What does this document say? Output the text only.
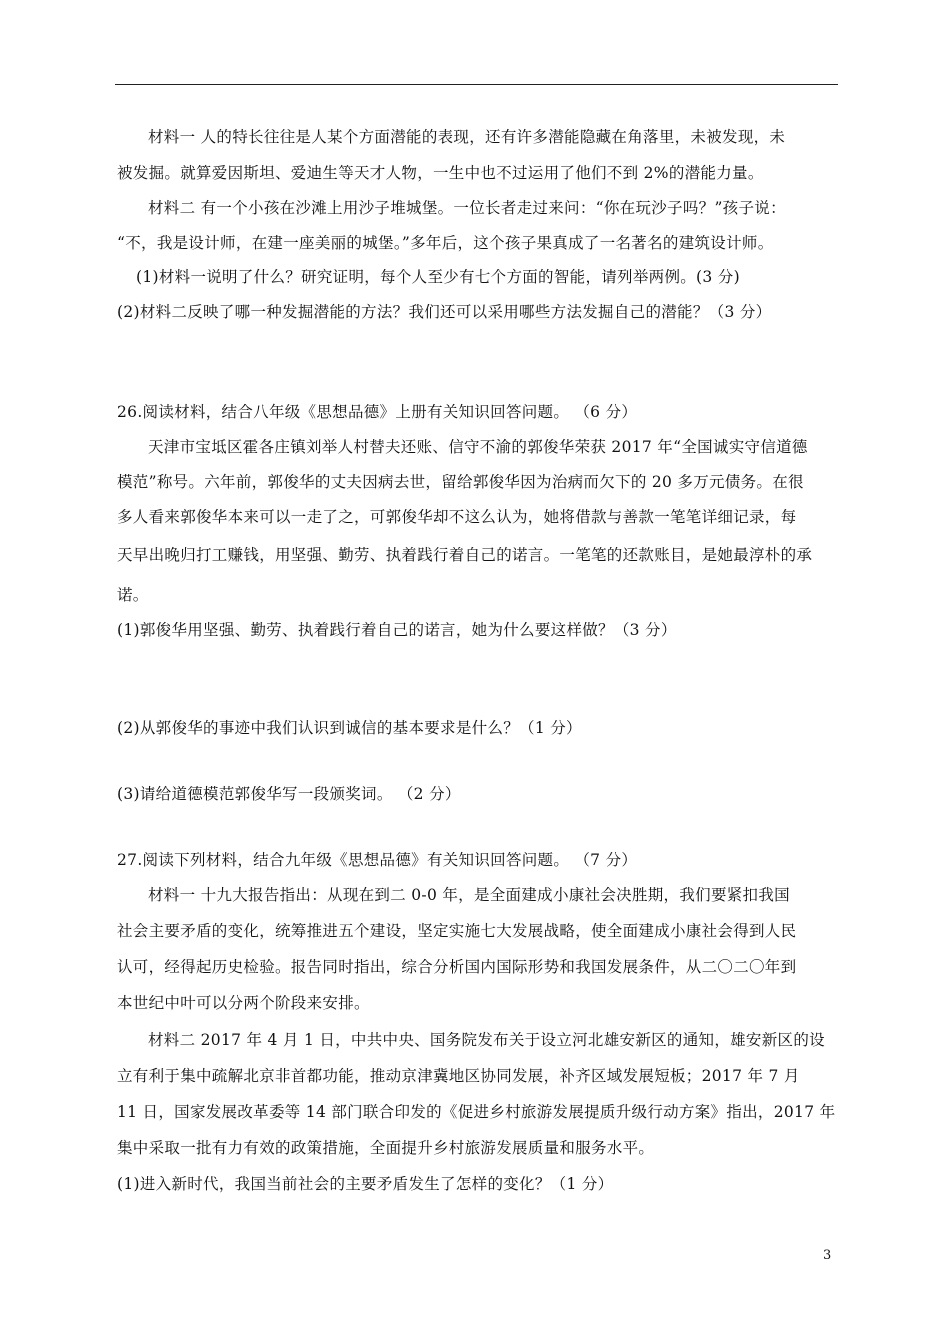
材料一 人的特长往往是人某个方面潜能的表现，还有许多潜能隐藏在角落里，未被发现，未
被发掘。就算爱因斯坦、爱迪生等天才人物，一生中也不过运用了他们不到 2%的潜能力量。
材料二 有一个小孩在沙滩上用沙子堆城堡。一位长者走过来问：“你在玩沙子吗？”孩子说：
“不，我是设计师，在建一座美丽的城堡。”多年后，这个孩子果真成了一名著名的建筑设计师。
(1)材料一说明了什么？研究证明，每个人至少有七个方面的智能，请列举两例。(3 分)
(2)材料二反映了哪一种发掘潜能的方法？我们还可以采用哪些方法发掘自己的潜能？（3 分）
26.阅读材料，结合八年级《思想品德》上册有关知识回答问题。 （6 分）
天津市宝坻区霍各庄镇刘举人村替夫还账、信守不渝的郭俊华荣获 2017 年“全国诚实守信道德
模范”称号。六年前，郭俊华的丈夫因病去世，留给郭俊华因为治病而欠下的 20 多万元债务。在很
多人看来郭俊华本来可以一走了之，可郭俊华却不这么认为，她将借款与善款一笔笔详细记录，每
天早出晚归打工赚钱，用坚强、勤劳、执着践行着自己的诺言。一笔笔的还款账目，是她最淳朴的承
诺。
(1)郭俊华用坚强、勤劳、执着践行着自己的诺言，她为什么要这样做？（3 分）
(2)从郭俊华的事迹中我们认识到诚信的基本要求是什么？（1 分）
(3)请给道德模范郭俊华写一段颁奖词。 （2 分）
27.阅读下列材料，结合九年级《思想品德》有关知识回答问题。 （7 分）
材料一 十九大报告指出：从现在到二 0-0 年，是全面建成小康社会决胜期，我们要紧扣我国
社会主要矛盾的变化，统筹推进五个建设，坚定实施七大发展战略，使全面建成小康社会得到人民
认可，经得起历史检验。报告同时指出，综合分析国内国际形势和我国发展条件，从二〇二〇年到
本世纪中叶可以分两个阶段来安排。
材料二 2017 年 4 月 1 日，中共中央、国务院发布关于设立河北雄安新区的通知，雄安新区的设
立有利于集中疏解北京非首都功能，推动京津冀地区协同发展，补齐区域发展短板；2017 年 7 月
11 日，国家发展改革委等 14 部门联合印发的《促进乡村旅游发展提质升级行动方案》指出，2017 年
集中采取一批有力有效的政策措施，全面提升乡村旅游发展质量和服务水平。
(1)进入新时代，我国当前社会的主要矛盾发生了怎样的变化？（1 分）
3
